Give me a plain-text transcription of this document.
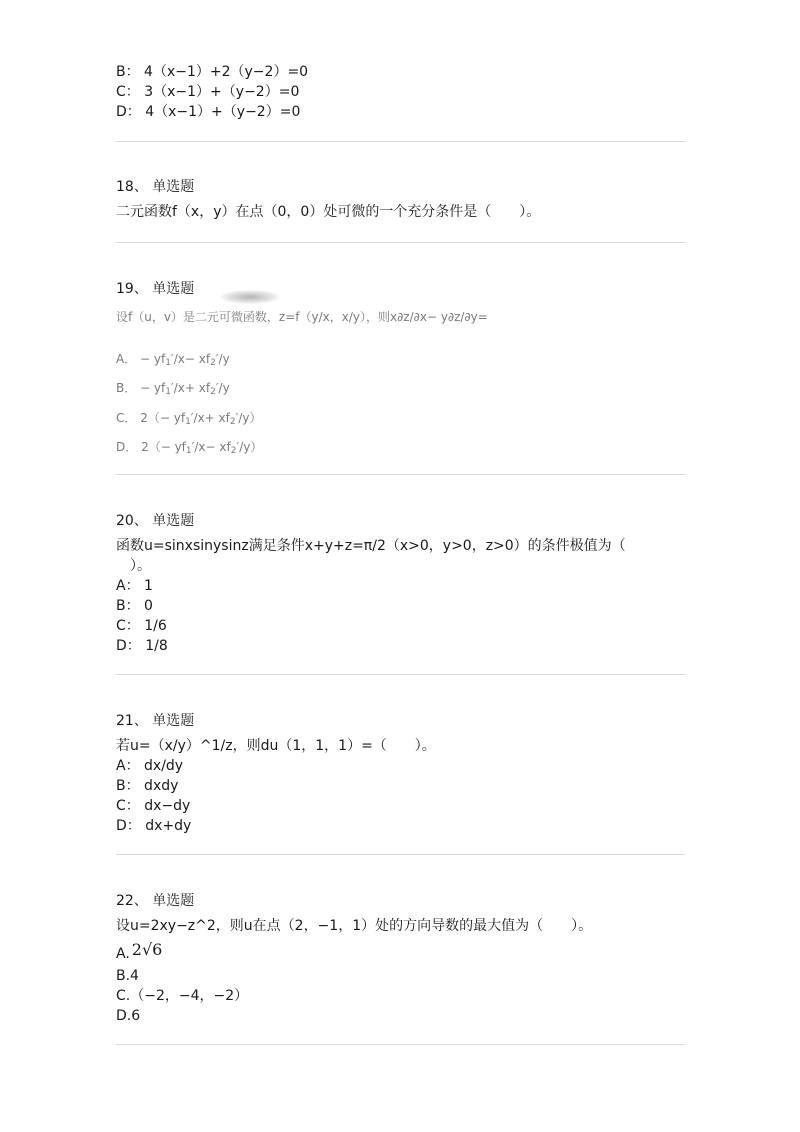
B： 4（x−1）+2（y−2）=0
C： 3（x−1）+（y−2）=0
D： 4（x−1）+（y−2）=0
18、 单选题
二元函数f（x，y）在点（0，0）处可微的一个充分条件是（　　）。
19、 单选题
设f（u，v）是二元可微函数，z=f（y/x，x/y），则x∂z/∂x− y∂z/∂y=
A． − $yf_1'/x- xf_2'/y$
B． − $yf_1'/x+ xf_2'/y$
C． $2(- yf_1'/x+ xf_2'/y)$
D． $2(- yf_1'/x- xf_2'/y)$
20、 单选题
函数u=sinxsinysinz满足条件x+y+z=π/2（x>0，y>0，z>0）的条件极值为（
）。
A： 1
B： 0
C： 1/6
D： 1/8
21、 单选题
若u=（x/y）^1/z，则du（1，1，1）=（　　）。
A： dx/dy
B： dxdy
C： dx−dy
D： dx+dy
22、 单选题
设u=2xy−z^2，则u在点（2，−1，1）处的方向导数的最大值为（　　）。
A. 2√6
B.4
C.（−2，−4，−2）
D.6
